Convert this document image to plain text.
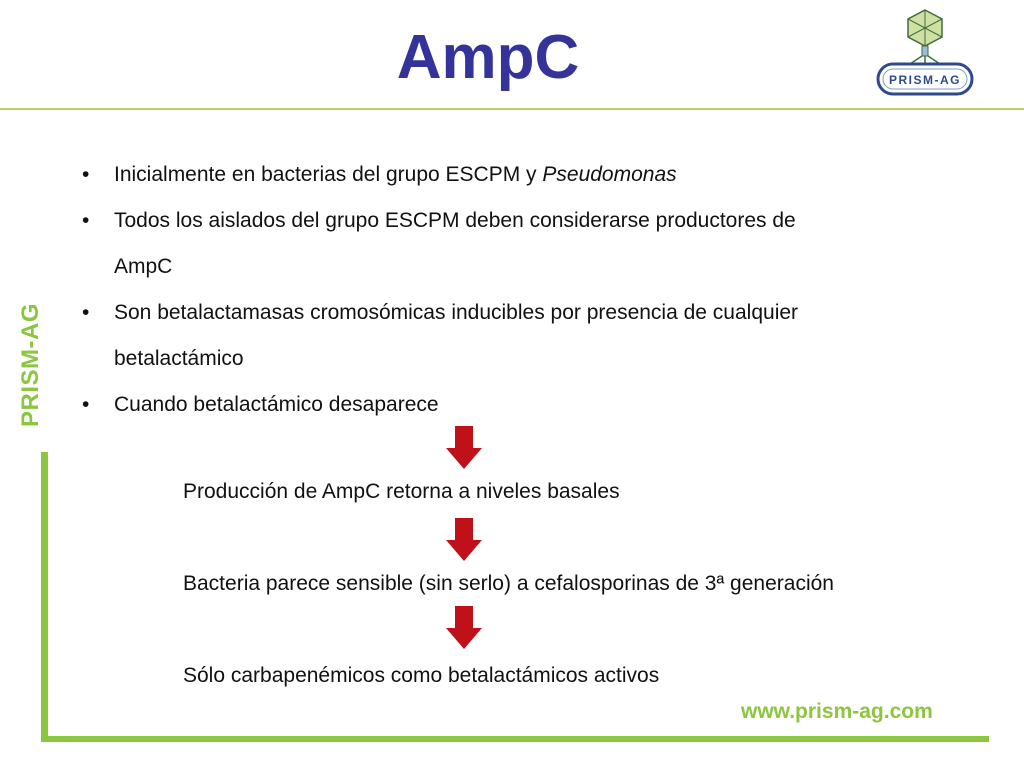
AmpC	PRISM-AG
PRISM-AG
• Inicialmente en bacterias del grupo ESCPM y Pseudomonas
• Todos los aislados del grupo ESCPM deben considerarse productores de
AmpC
• Son betalactamasas cromosómicas inducibles por presencia de cualquier
betalactámico
• Cuando betalactámico desaparece
Producción de AmpC retorna a niveles basales
Bacteria parece sensible (sin serlo) a cefalosporinas de 3ª generación
Sólo carbapenémicos como betalactámicos activos
www.prism-ag.com
